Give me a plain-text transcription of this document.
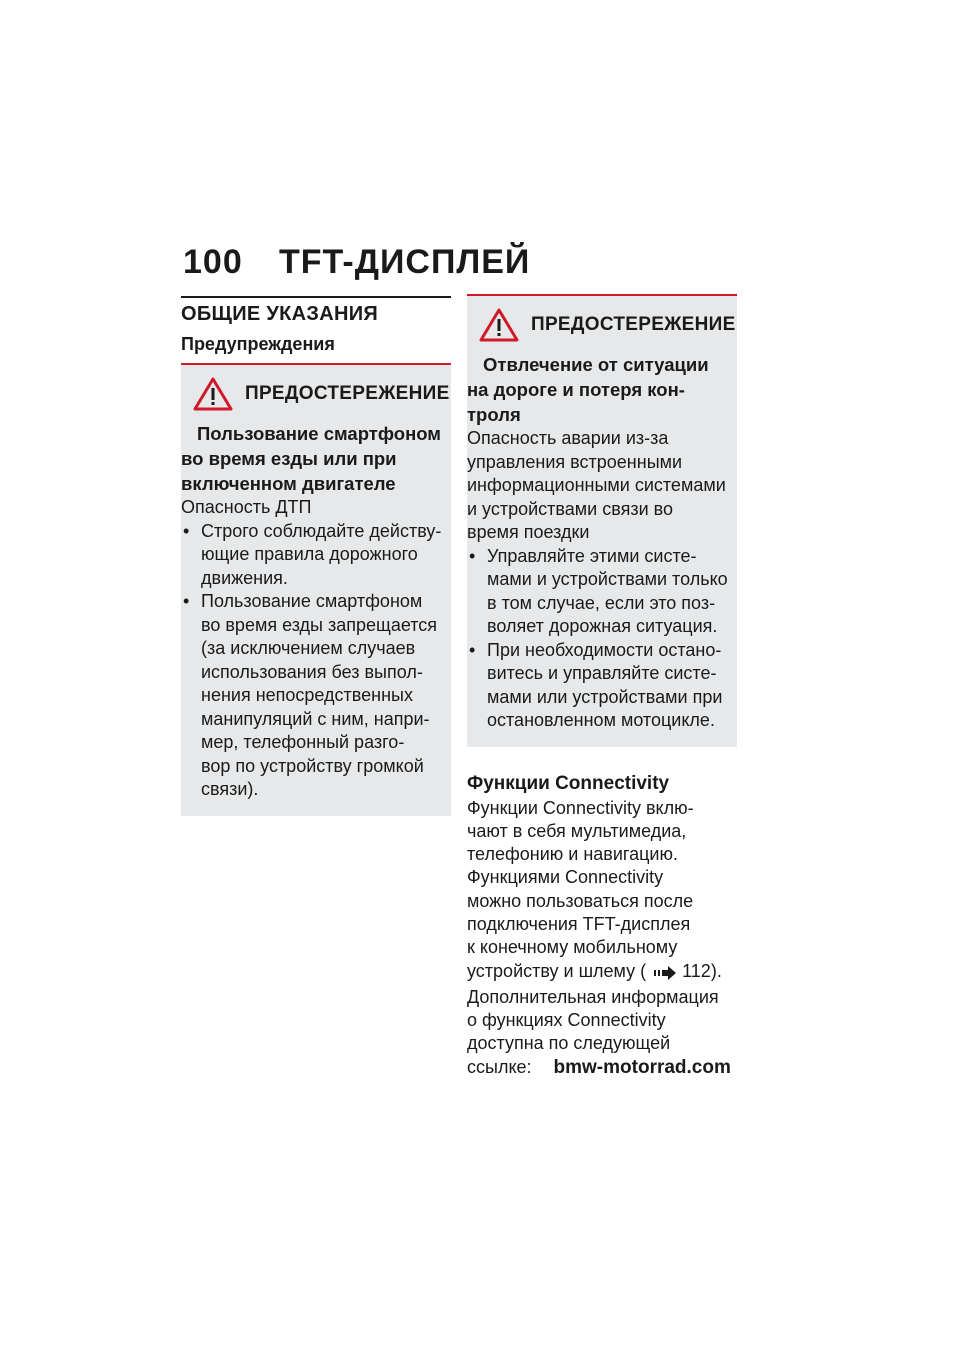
100 TFT-ДИСПЛЕЙ
ОБЩИЕ УКАЗАНИЯ
Предупреждения
ПРЕДОСТЕРЕЖЕНИЕ
Пользование смартфоном
во время езды или при
включенном двигателе
Опасность ДТП
• Строго соблюдайте действу-
ющие правила дорожного
движения.
• Пользование смартфоном
во время езды запрещается
(за исключением случаев
использования без выпол-
нения непосредственных
манипуляций с ним, напри-
мер, телефонный разго-
вор по устройству громкой
связи).
ПРЕДОСТЕРЕЖЕНИЕ
Отвлечение от ситуации
на дороге и потеря кон-
троля
Опасность аварии из-за
управления встроенными
информационными системами
и устройствами связи во
время поездки
• Управляйте этими систе-
мами и устройствами только
в том случае, если это поз-
воляет дорожная ситуация.
• При необходимости остано-
витесь и управляйте систе-
мами или устройствами при
остановленном мотоцикле.
Функции Connectivity
Функции Connectivity вклю-
чают в себя мультимедиа,
телефонию и навигацию.
Функциями Connectivity
можно пользоваться после
подключения TFT-дисплея
к конечному мобильному
устройству и шлему ( 112).
Дополнительная информация
о функциях Connectivity
доступна по следующей
ссылке: bmw-motorrad.com
